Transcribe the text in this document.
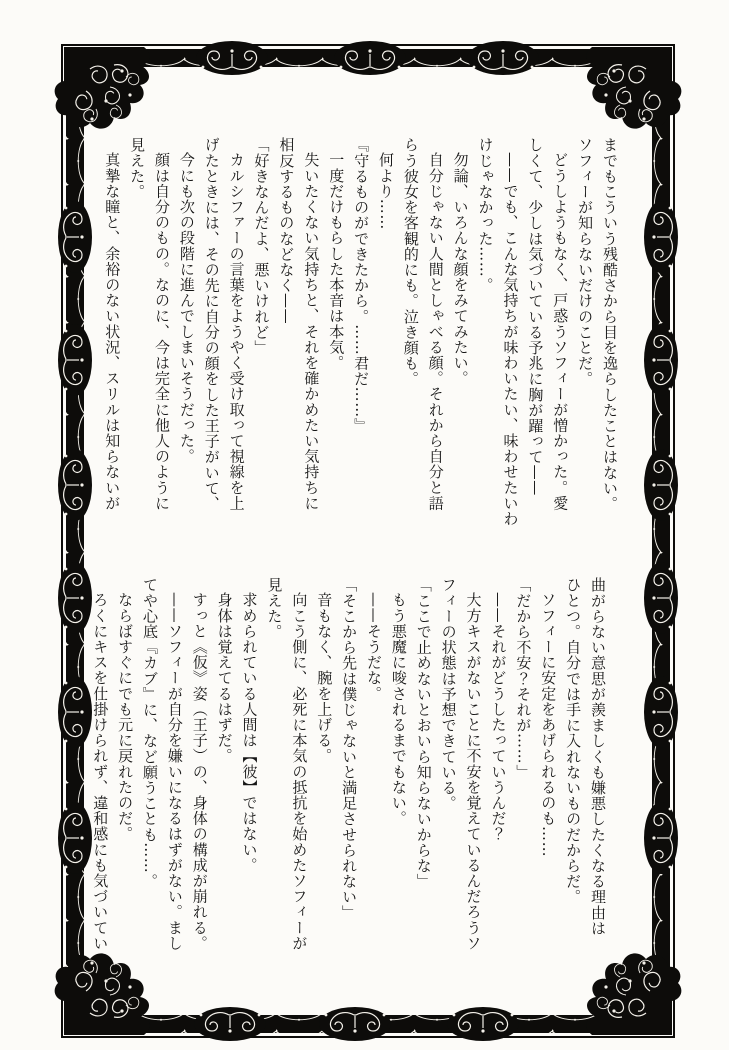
までもこういう残酷さから目を逸らしたことはない。

ソフィーが知らないだけのことだ。

どうしようもなく、戸惑うソフィーが憎かった。愛

しくて、少しは気づいている予兆に胸が躍って——

——でも、こんな気持ちが味わいたい、味わせたいわ

けじゃなかった……。

勿論、いろんな顔をみてみたい。

自分じゃない人間としゃべる顔。それから自分と語

らう彼女を客観的にも。泣き顔も。

何より……

『守るものができたから。……君だ……』

一度だけもらした本音は本気。

失いたくない気持ちと、それを確かめたい気持ちに

相反するものなどなく——

「好きなんだよ、悪いけれど」

カルシファーの言葉をようやく受け取って視線を上

げたときには、その先に自分の顔をした王子がいて、

今にも次の段階に進んでしまいそうだった。

顔は自分のもの。なのに、今は完全に他人のように

見えた。

真摯な瞳と、余裕のない状況、スリルは知らないが

曲がらない意思が羨ましくも嫌悪したくなる理由は

ひとつ。自分では手に入れないものだからだ。

ソフィーに安定をあげられるのも……

「だから不安？それが……」

——それがどうしたっていうんだ？

大方キスがないことに不安を覚えているんだろうソ

フィーの状態は予想できている。

「ここで止めないとおいら知らないからな」

もう悪魔に唆されるまでもない。

——そうだな。

「そこから先は僕じゃないと満足させられない」

音もなく、腕を上げる。

向こう側に、必死に本気の抵抗を始めたソフィーが

見えた。

求められている人間は【彼】ではない。

身体は覚えてるはずだ。

すっと《仮》姿（王子）の、身体の構成が崩れる。

——ソフィーが自分を嫌いになるはずがない。まし

てや心底『カブ』に、など願うことも……。

ならばすぐにでも元に戻れたのだ。

ろくにキスを仕掛けられず、違和感にも気づいてい
